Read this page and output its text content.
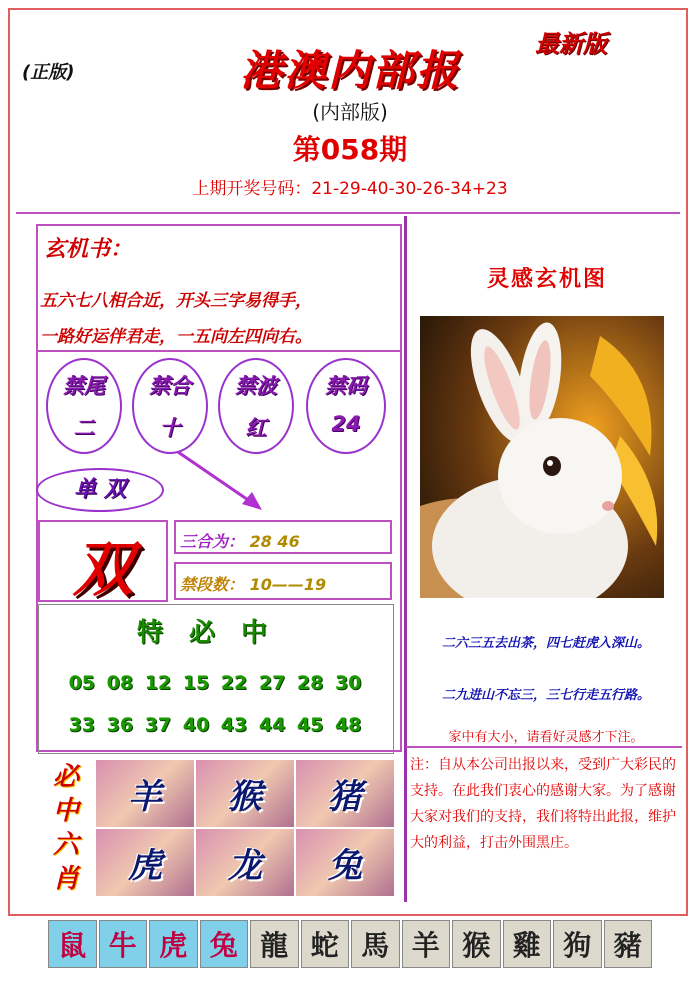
(正版)
最新版
港澳内部报
(内部版)
第058期
上期开奖号码：21-29-40-30-26-34+23
玄机书：
五六七八相合近，开头三字易得手，
一路好运伴君走，一五向左四向右。
禁尾
二
禁合
十
禁波
红
禁码
24
单 双
双	三合为： 28 46
禁段数： 10——19
特必中
05 08 12 15 22 27 28 30
33 36 37 40 43 44 45 48
必
中
六
肖
羊	猴	猪
虎	龙	兔
灵感玄机图
二六三五去出茶，四七赶虎入深山。
二九进山不忘三，三七行走五行路。
家中有大小，请看好灵感才下注。
注：自从本公司出报以来，受到广大彩民的支持。在此我们衷心的感谢大家。为了感谢大家对我们的支持，我们将特出此报，维护大的利益，打击外围黑庄。
鼠 牛 虎 兔 龍 蛇 馬 羊 猴 雞 狗 豬
